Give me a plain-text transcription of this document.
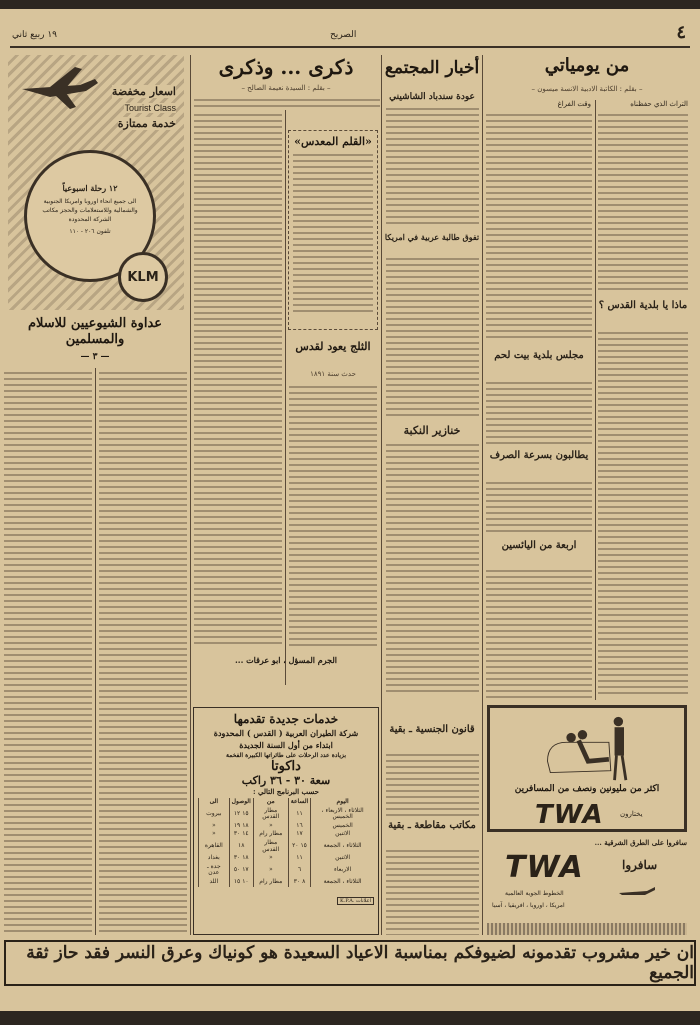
٤
الصريح
١٩ ربيع ثاني
اسعار مخفضة
Tourist Class
خدمة ممتازة
١٢ رحلة اسبوعياً
الى جميع انحاء اوروبا وامريكا الجنوبية والشمالية وللاستعلامات والحجز مكاتب الشركة المحدودة
تلفون ٢٠٦ - ١١٠
KLM
عداوة الشيوعيين للاسلام والمسلمين
— ٣ —
ذكرى ... وذكرى
– بقلم : السيدة نعيمة الصالح –
«القلم المعدس»
الثلج يعود لقدس
حدث سنة ١٨٩١
الجرم المسؤل ، ابو عرقات ...
أخبار المجتمع
عودة سندباد الشاشيني
تفوق طالبة عربية في امريكا
خنازير النكبة
قانون الجنسية ـ بقية
مكاتب مقاطعة ـ بقية
من يومياتي
– بقلم : الكاتبة الادبية الانسة ميسون –
التراث الذي حفظناه
وقت الفراغ
ماذا يا بلدية القدس ؟
مجلس بلدية بيت لحم
يطالبون بسرعة الصرف
اربعة من اليائسين
خدمات جديدة تقدمها
شركة الطيران العربية ( القدس ) المحدودة
ابتداء من أول السنة الجديدة
بزيادة عدد الرحلات على طائراتها الكبيرة الفخمة
داكوتا
سعة ٣٠ - ٣٦ راكب
حسب البرنامج التالي :
اليوم	الساعة	من	الوصول	الى
الثلاثاء ، الاربعاء ، الخميس	١١	مطار القدس	١٥ ١٢	بيروت
الخميس	١٦	«	١٨ ١٩	«
الاثنين	١٧	مطار رام	١٤ ٣٠	«
الثلاثاء ، الجمعة	١٥ ٢٠	مطار القدس	١٨	القاهرة
الاثنين	١١	«	١٨ ٣٠	بغداد
الاربعاء	٦	«	١٧ ٥٠	جدة ـ عدن
الثلاثاء ، الجمعة	٨ ٣٠	مطار رام	١٠ ١٥	اللد
K.P.A. اعلانات
اكثر من مليونين ونصف من المسافرين
TWA يختارون
سافروا على الطرق الشرقية ...
TWA	سافروا
الخطوط الجوية العالمية
امريكا ، اوروبا ، افريقيا ، آسيا
ان خير مشروب تقدمونه لضيوفكم بمناسبة الاعياد السعيدة هو كونياك وعرق النسر فقد حاز ثقة الجميع
